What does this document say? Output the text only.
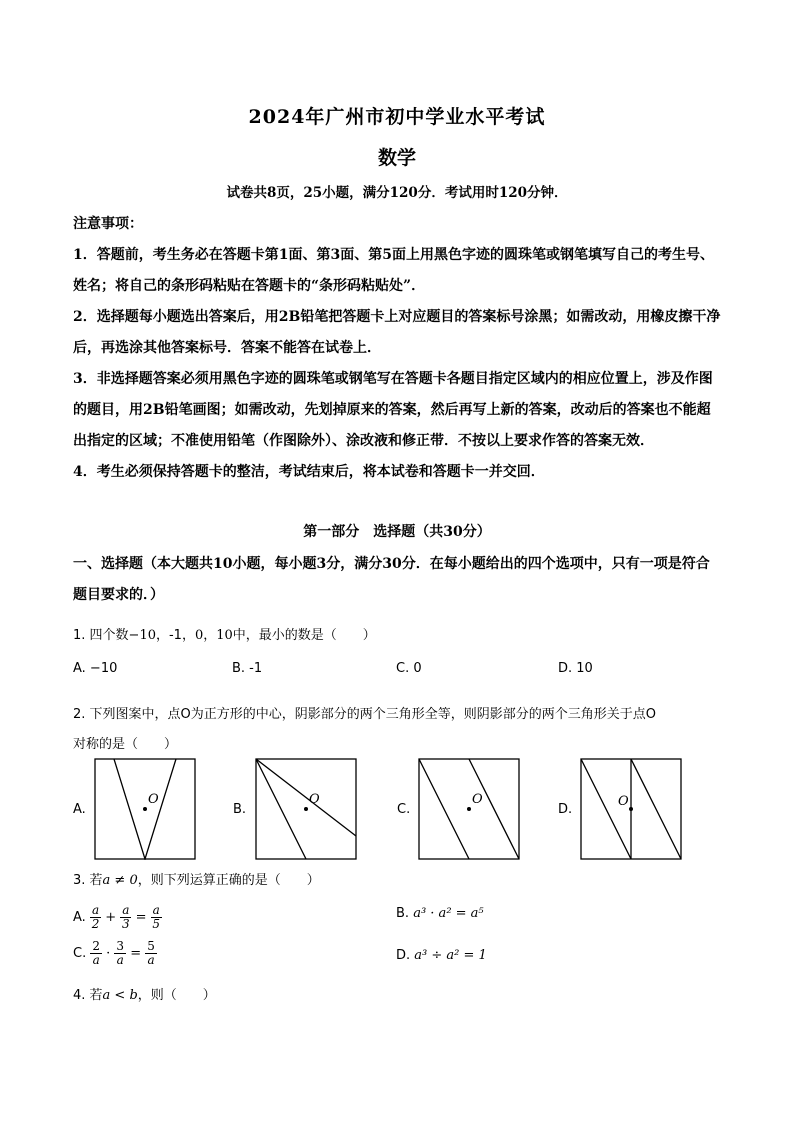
2024年广州市初中学业水平考试
数学
试卷共8页，25小题，满分120分．考试用时120分钟．
注意事项：

1．答题前，考生务必在答题卡第1面、第3面、第5面上用黑色字迹的圆珠笔或钢笔填写自己的考生号、姓名；将自己的条形码粘贴在答题卡的“条形码粘贴处”．

2．选择题每小题选出答案后，用2B铅笔把答题卡上对应题目的答案标号涂黑；如需改动，用橡皮擦干净后，再选涂其他答案标号．答案不能答在试卷上．

3．非选择题答案必须用黑色字迹的圆珠笔或钢笔写在答题卡各题目指定区域内的相应位置上，涉及作图的题目，用2B铅笔画图；如需改动，先划掉原来的答案，然后再写上新的答案，改动后的答案也不能超出指定的区域；不准使用铅笔（作图除外）、涂改液和修正带．不按以上要求作答的答案无效．

4．考生必须保持答题卡的整洁，考试结束后，将本试卷和答题卡一并交回．

第一部分　选择题（共30分）
一、选择题（本大题共10小题，每小题3分，满分30分．在每小题给出的四个选项中，只有一项是符合题目要求的．）
1. 四个数−10，-1，0，10中，最小的数是（　　）
A. −10	B. -1	C. 0	D. 10
2. 下列图案中，点O为正方形的中心，阴影部分的两个三角形全等，则阴影部分的两个三角形关于点O
对称的是（　　）
A.
O
B.
O
C.
O
D.
O
3. 若a ≠ 0，则下列运算正确的是（　　）
A. $\frac{a}{2} + \frac{a}{3} = \frac{a}{5}$	B. a³ · a² = a⁵
C. $\frac{2}{a} \cdot \frac{3}{a} = \frac{5}{a}$	D. a³ ÷ a² = 1
4. 若a < b，则（　　）
